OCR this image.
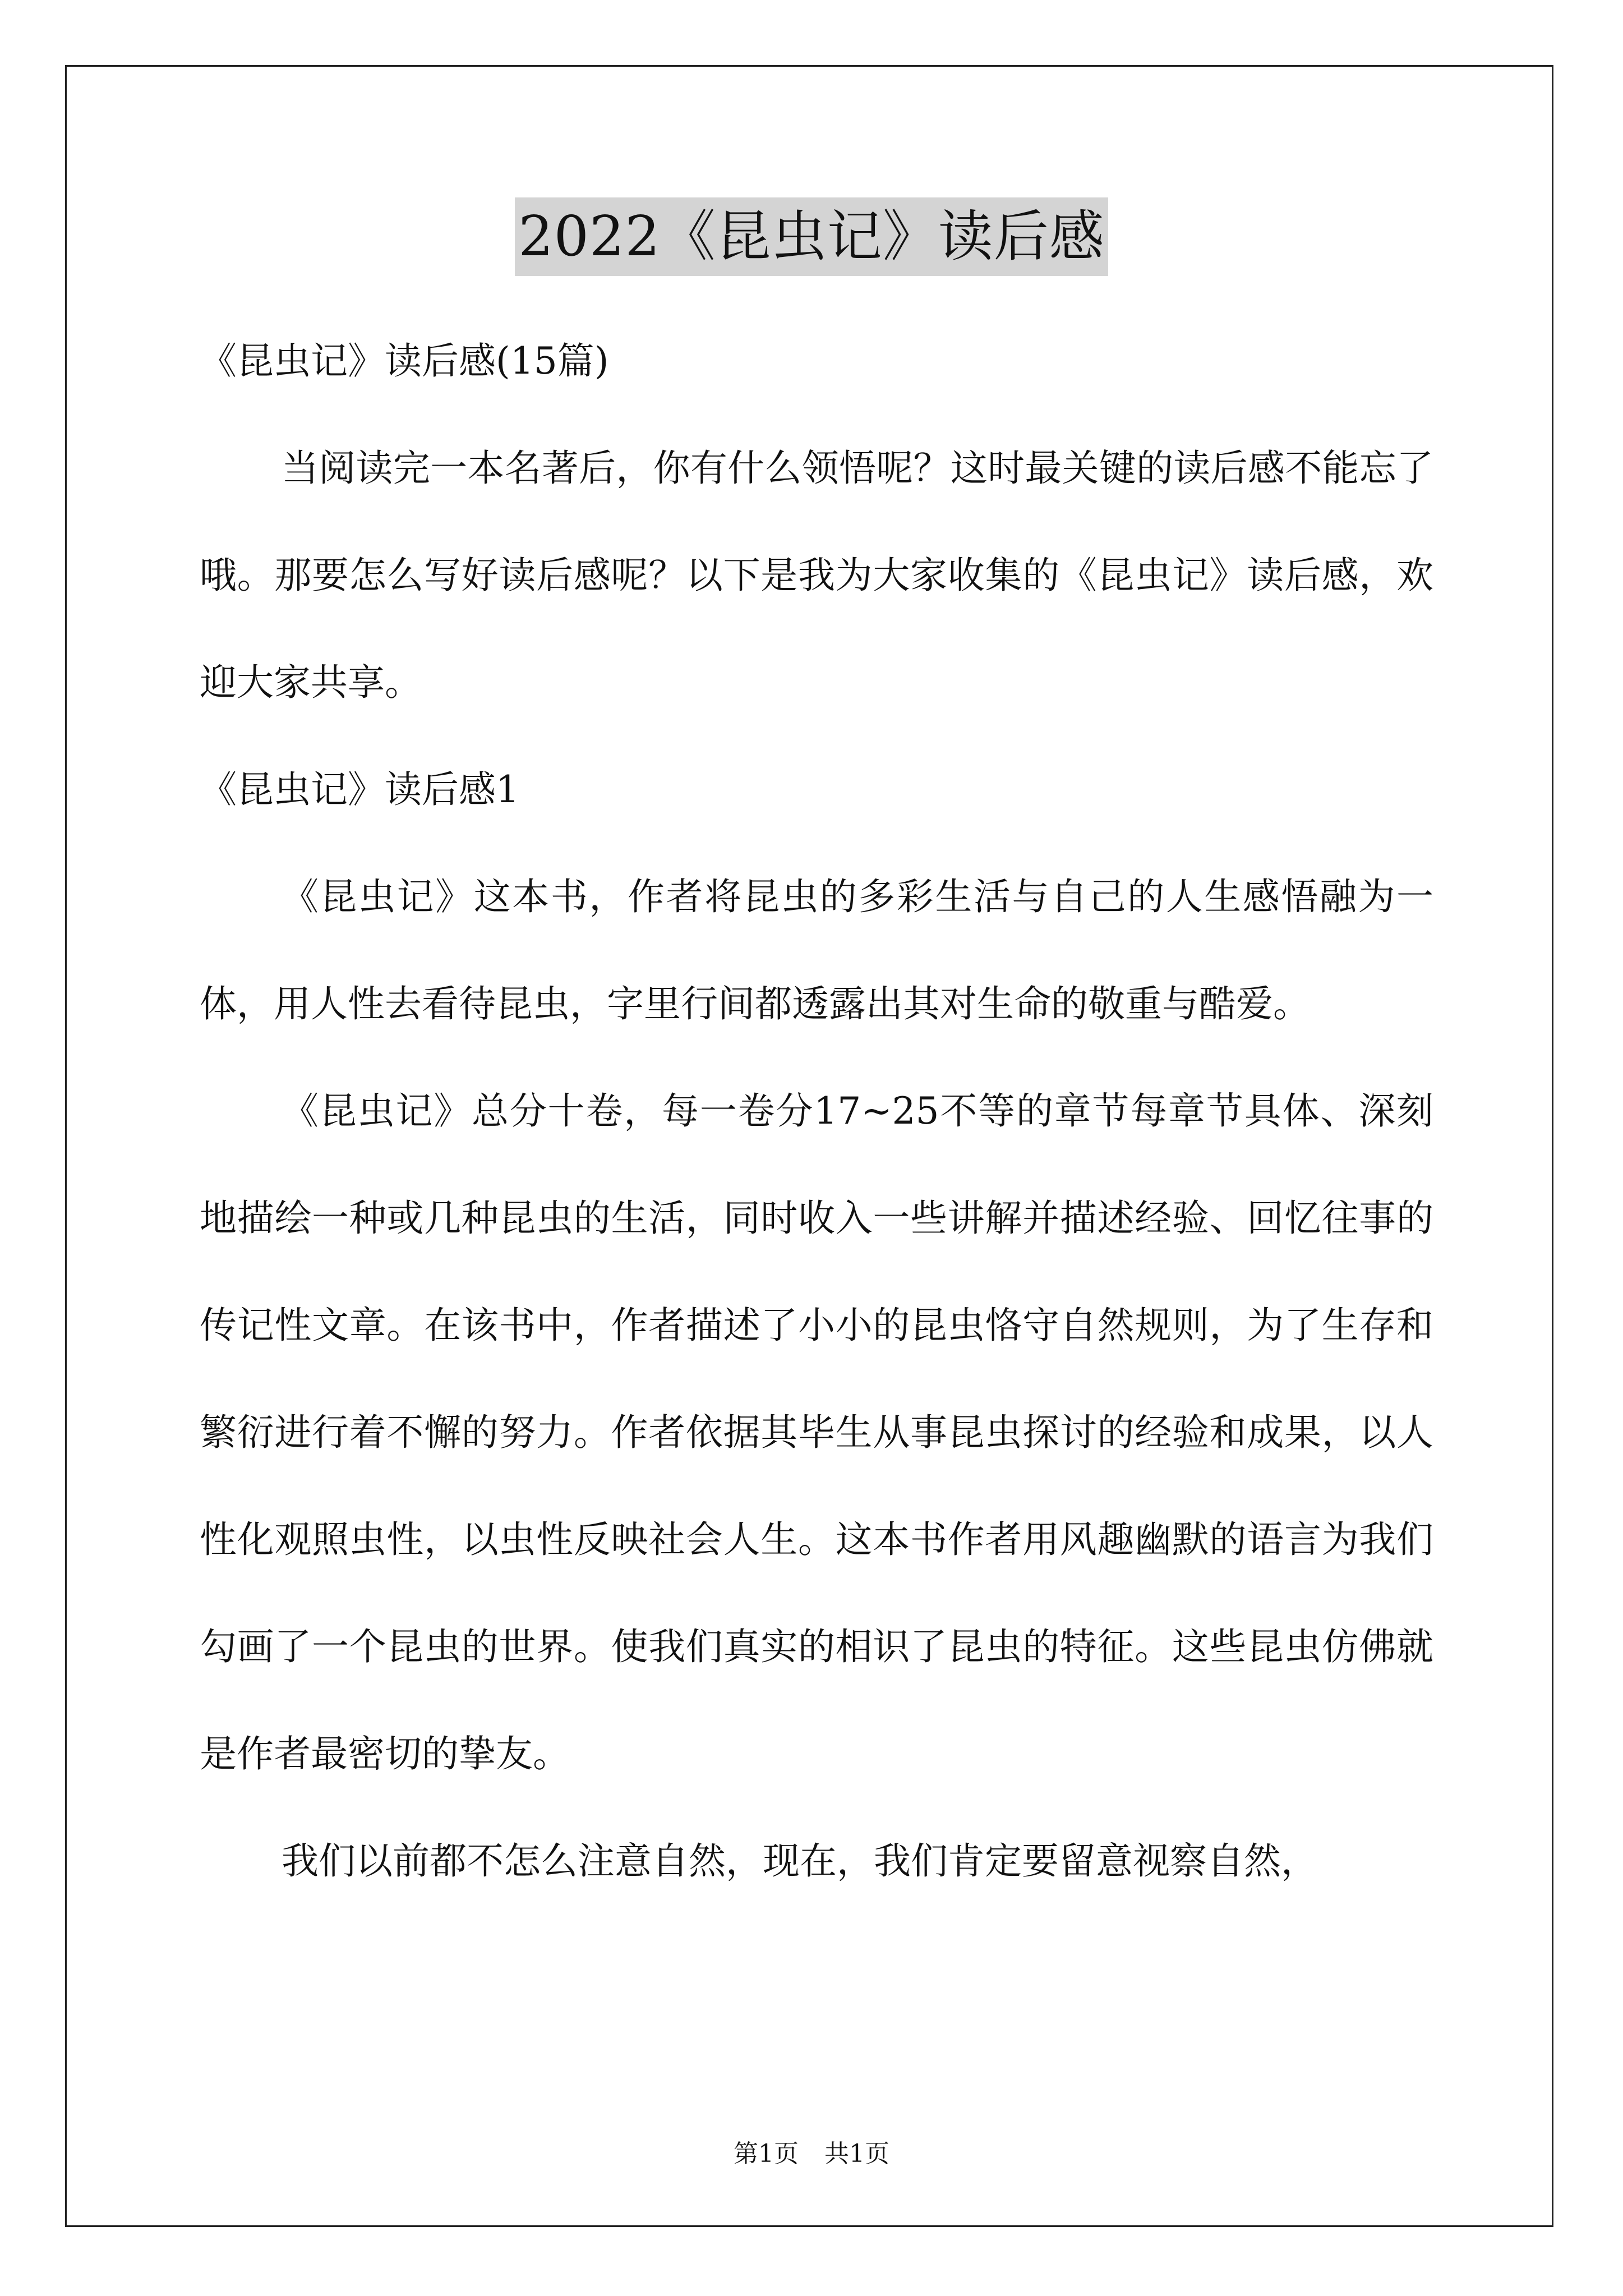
2022《昆虫记》读后感

《昆虫记》读后感(15篇)

当阅读完一本名著后，你有什么领悟呢？这时最关键的读后感不能忘了哦。那要怎么写好读后感呢？以下是我为大家收集的《昆虫记》读后感，欢迎大家共享。

《昆虫记》读后感1

《昆虫记》这本书，作者将昆虫的多彩生活与自己的人生感悟融为一体，用人性去看待昆虫，字里行间都透露出其对生命的敬重与酷爱。

《昆虫记》总分十卷，每一卷分17~25不等的章节每章节具体、深刻地描绘一种或几种昆虫的生活，同时收入一些讲解并描述经验、回忆往事的传记性文章。在该书中，作者描述了小小的昆虫恪守自然规则，为了生存和繁衍进行着不懈的努力。作者依据其毕生从事昆虫探讨的经验和成果，以人性化观照虫性，以虫性反映社会人生。这本书作者用风趣幽默的语言为我们勾画了一个昆虫的世界。使我们真实的相识了昆虫的特征。这些昆虫仿佛就是作者最密切的挚友。

我们以前都不怎么注意自然，现在，我们肯定要留意视察自然，

第1页 共1页
